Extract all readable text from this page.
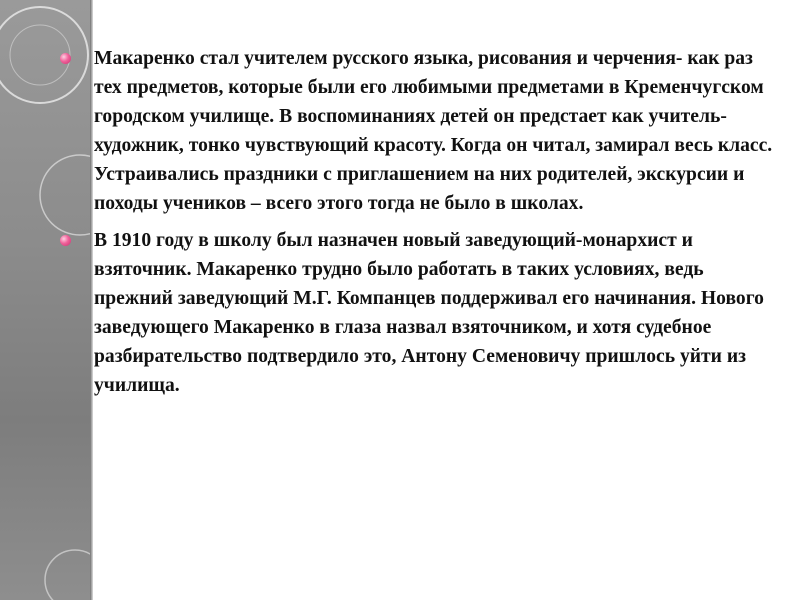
Макаренко стал учителем русского языка, рисования и черчения- как раз тех предметов, которые были его любимыми предметами в Кременчугском городском училище. В воспоминаниях детей он предстает как учитель-художник, тонко чувствующий красоту. Когда он читал, замирал весь класс. Устраивались праздники с приглашением на них родителей, экскурсии и походы учеников – всего этого тогда не было в школах.

В 1910 году в школу был назначен новый заведующий-монархист и взяточник. Макаренко трудно было работать в таких условиях, ведь прежний заведующий М.Г. Компанцев поддерживал его начинания. Нового заведующего Макаренко в глаза назвал взяточником, и хотя судебное разбирательство подтвердило это, Антону Семеновичу пришлось уйти из училища.
